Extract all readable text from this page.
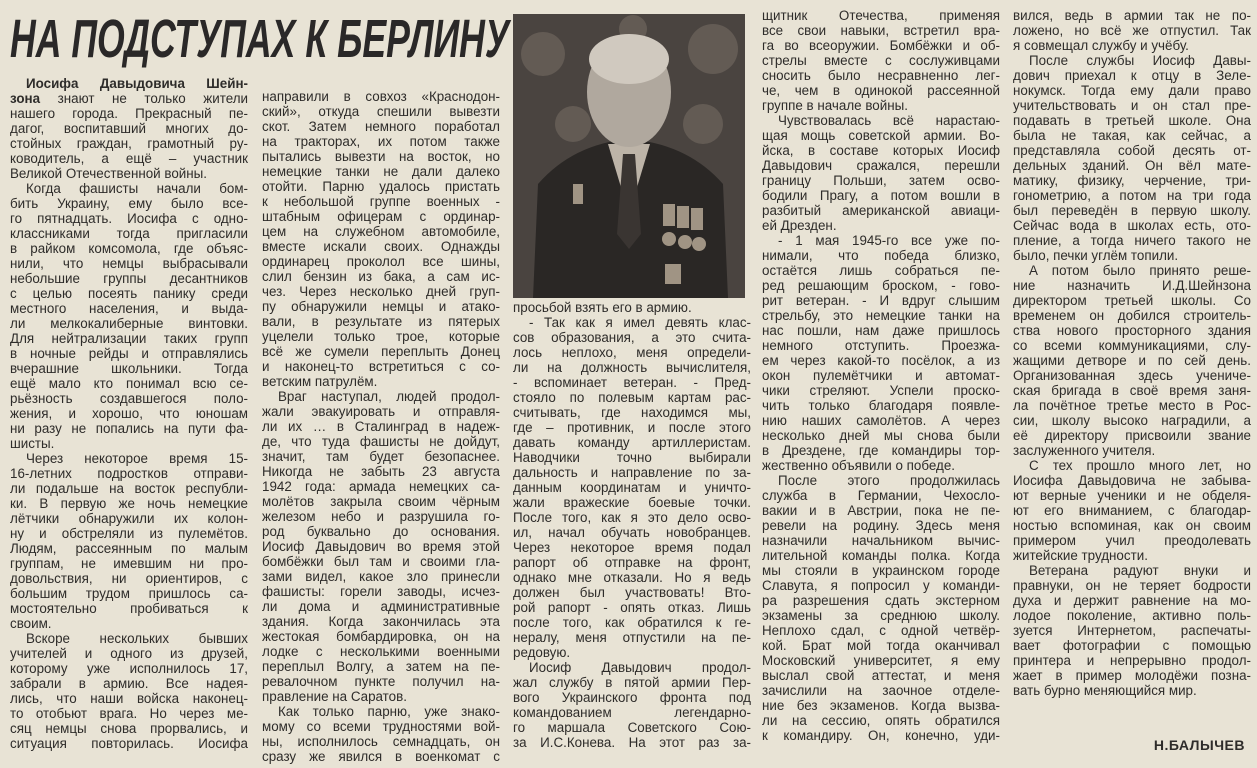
НА ПОДСТУПАХ К БЕРЛИНУ
Иосифа Давыдовича Шейн-
зона знают не только жители
нашего города. Прекрасный пе-
дагог, воспитавший многих до-
стойных граждан, грамотный ру-
ководитель, а ещё – участник
Великой Отечественной войны.
Когда фашисты начали бом-
бить Украину, ему было все-
го пятнадцать. Иосифа с одно-
классниками тогда пригласили
в райком комсомола, где объяс-
нили, что немцы выбрасывали
небольшие группы десантников
с целью посеять панику среди
местного населения, и выда-
ли мелкокалиберные винтовки.
Для нейтрализации таких групп
в ночные рейды и отправлялись
вчерашние школьники. Тогда
ещё мало кто понимал всю се-
рьёзность создавшегося поло-
жения, и хорошо, что юношам
ни разу не попались на пути фа-
шисты.
Через некоторое время 15-
16-летних подростков отправи-
ли подальше на восток республи-
ки. В первую же ночь немецкие
лётчики обнаружили их колон-
ну и обстреляли из пулемётов.
Людям, рассеянным по малым
группам, не имевшим ни про-
довольствия, ни ориентиров, с
большим трудом пришлось са-
мостоятельно пробиваться к
своим.
Вскоре нескольких бывших
учителей и одного из друзей,
которому уже исполнилось 17,
забрали в армию. Все надея-
лись, что наши войска наконец-
то отобьют врага. Но через ме-
сяц немцы снова прорвались, и
ситуация повторилась. Иосифа
направили в совхоз «Краснодон-
ский», откуда спешили вывезти
скот. Затем немного поработал
на тракторах, их потом также
пытались вывезти на восток, но
немецкие танки не дали далеко
отойти. Парню удалось пристать
к небольшой группе военных -
штабным офицерам с ординар-
цем на служебном автомобиле,
вместе искали своих. Однажды
ординарец проколол все шины,
слил бензин из бака, а сам ис-
чез. Через несколько дней груп-
пу обнаружили немцы и атако-
вали, в результате из пятерых
уцелели только трое, которые
всё же сумели переплыть Донец
и наконец-то встретиться с со-
ветским патрулём.
Враг наступал, людей продол-
жали эвакуировать и отправля-
ли их … в Сталинград в надеж-
де, что туда фашисты не дойдут,
значит, там будет безопаснее.
Никогда не забыть 23 августа
1942 года: армада немецких са-
молётов закрыла своим чёрным
железом небо и разрушила го-
род буквально до основания.
Иосиф Давыдович во время этой
бомбёжки был там и своими гла-
зами видел, какое зло принесли
фашисты: горели заводы, исчез-
ли дома и административные
здания. Когда закончилась эта
жестокая бомбардировка, он на
лодке с несколькими военными
переплыл Волгу, а затем на пе-
ревалочном пункте получил на-
правление на Саратов.
Как только парню, уже знако-
мому со всеми трудностями вой-
ны, исполнилось семнадцать, он
сразу же явился в военкомат с
просьбой взять его в армию.
- Так как я имел девять клас-
сов образования, а это счита-
лось неплохо, меня определи-
ли на должность вычислителя,
- вспоминает ветеран. - Пред-
стояло по полевым картам рас-
считывать, где находимся мы,
где – противник, и после этого
давать команду артиллеристам.
Наводчики точно выбирали
дальность и направление по за-
данным координатам и уничто-
жали вражеские боевые точки.
После того, как я это дело осво-
ил, начал обучать новобранцев.
Через некоторое время подал
рапорт об отправке на фронт,
однако мне отказали. Но я ведь
должен был участвовать! Вто-
рой рапорт - опять отказ. Лишь
после того, как обратился к ге-
нералу, меня отпустили на пе-
редовую.
Иосиф Давыдович продол-
жал службу в пятой армии Пер-
вого Украинского фронта под
командованием легендарно-
го маршала Советского Сою-
за И.С.Конева. На этот раз за-
щитник Отечества, применяя
все свои навыки, встретил вра-
га во всеоружии. Бомбёжки и об-
стрелы вместе с сослуживцами
сносить было несравненно лег-
че, чем в одинокой рассеянной
группе в начале войны.
Чувствовалась всё нарастаю-
щая мощь советской армии. Во-
йска, в составе которых Иосиф
Давыдович сражался, перешли
границу Польши, затем осво-
бодили Прагу, а потом вошли в
разбитый американской авиаци-
ей Дрезден.
- 1 мая 1945-го все уже по-
нимали, что победа близко,
остаётся лишь собраться пе-
ред решающим броском, - гово-
рит ветеран. - И вдруг слышим
стрельбу, это немецкие танки на
нас пошли, нам даже пришлось
немного отступить. Проезжа-
ем через какой-то посёлок, а из
окон пулемётчики и автомат-
чики стреляют. Успели проско-
чить только благодаря появле-
нию наших самолётов. А через
несколько дней мы снова были
в Дрездене, где командиры тор-
жественно объявили о победе.
После этого продолжилась
служба в Германии, Чехосло-
вакии и в Австрии, пока не пе-
ревели на родину. Здесь меня
назначили начальником вычис-
лительной команды полка. Когда
мы стояли в украинском городе
Славута, я попросил у команди-
ра разрешения сдать экстерном
экзамены за среднюю школу.
Неплохо сдал, с одной четвёр-
кой. Брат мой тогда оканчивал
Московский университет, я ему
выслал свой аттестат, и меня
зачислили на заочное отделе-
ние без экзаменов. Когда вызва-
ли на сессию, опять обратился
к командиру. Он, конечно, уди-
вился, ведь в армии так не по-
ложено, но всё же отпустил. Так
я совмещал службу и учёбу.
После службы Иосиф Давы-
дович приехал к отцу в Зеле-
нокумск. Тогда ему дали право
учительствовать и он стал пре-
подавать в третьей школе. Она
была не такая, как сейчас, а
представляла собой десять от-
дельных зданий. Он вёл мате-
матику, физику, черчение, три-
гонометрию, а потом на три года
был переведён в первую школу.
Сейчас вода в школах есть, ото-
пление, а тогда ничего такого не
было, печки углём топили.
А потом было принято реше-
ние назначить И.Д.Шейнзона
директором третьей школы. Со
временем он добился строитель-
ства нового просторного здания
со всеми коммуникациями, слу-
жащими детворе и по сей день.
Организованная здесь учениче-
ская бригада в своё время заня-
ла почётное третье место в Рос-
сии, школу высоко наградили, а
её директору присвоили звание
заслуженного учителя.
С тех прошло много лет, но
Иосифа Давыдовича не забыва-
ют верные ученики и не обделя-
ют его вниманием, с благодар-
ностью вспоминая, как он своим
примером учил преодолевать
житейские трудности.
Ветерана радуют внуки и
правнуки, он не теряет бодрости
духа и держит равнение на мо-
лодое поколение, активно поль-
зуется Интернетом, распечаты-
вает фотографии с помощью
принтера и непрерывно продол-
жает в пример молодёжи позна-
вать бурно меняющийся мир.
Н.БАЛЫЧЕВ
